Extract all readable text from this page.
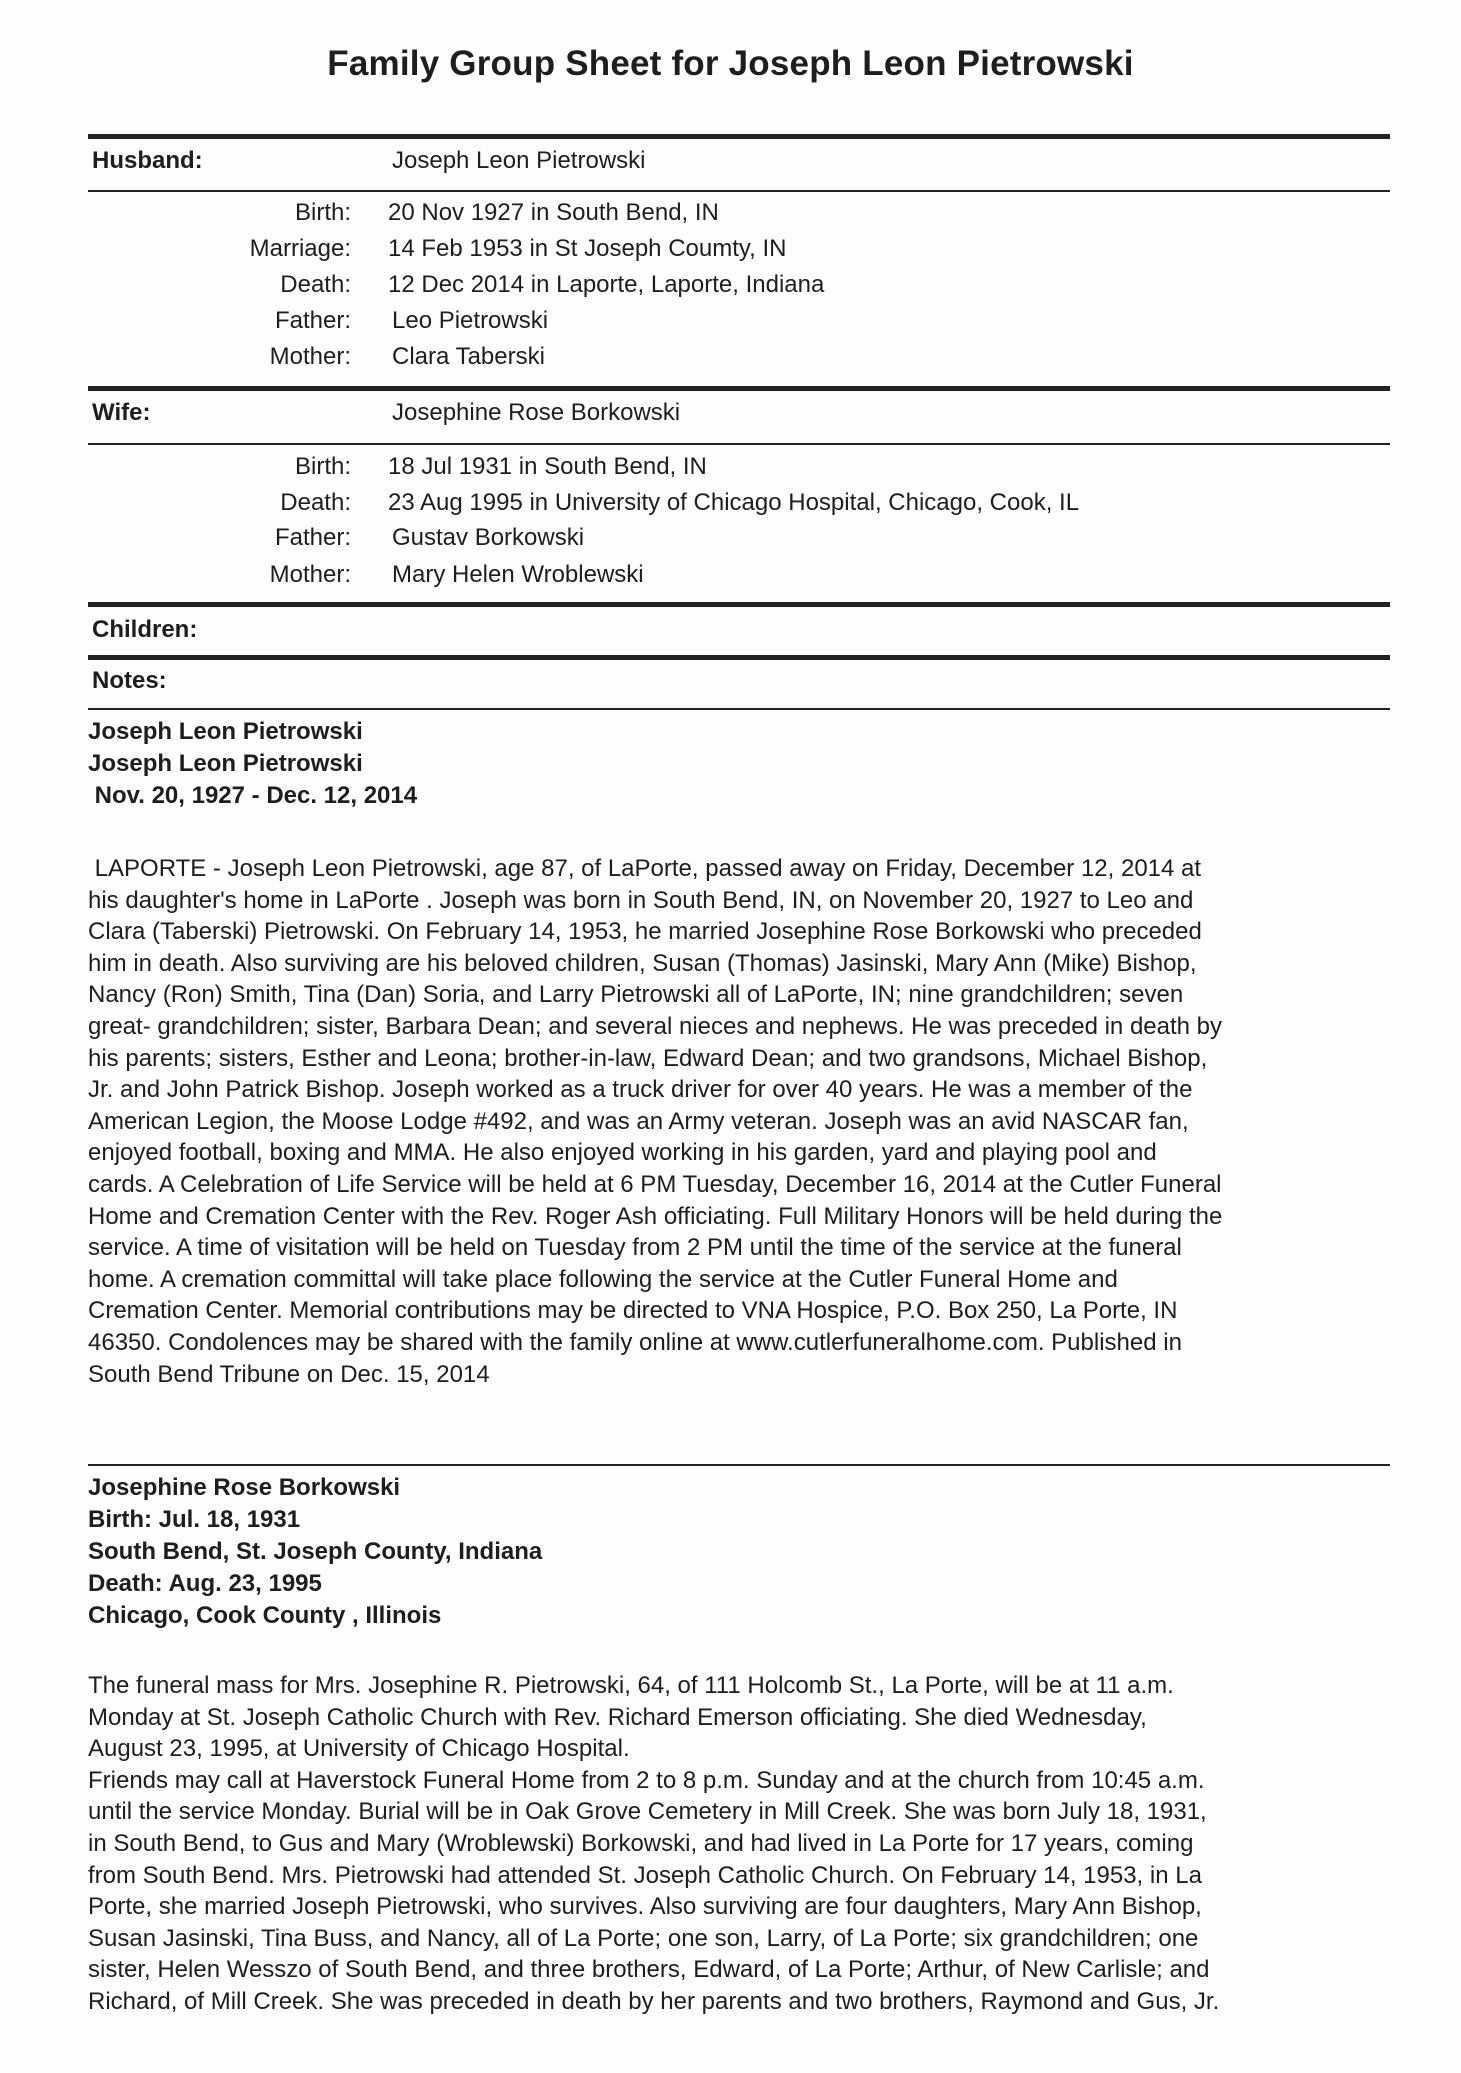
Family Group Sheet for Joseph Leon Pietrowski
Husband:	Joseph Leon Pietrowski
Birth: 20 Nov 1927 in South Bend, IN
Marriage: 14 Feb 1953 in St Joseph Coumty, IN
Death: 12 Dec 2014 in Laporte, Laporte, Indiana
Father: Leo Pietrowski
Mother: Clara Taberski
Wife:	Josephine Rose Borkowski
Birth: 18 Jul 1931 in South Bend, IN
Death: 23 Aug 1995 in University of Chicago Hospital, Chicago, Cook, IL
Father: Gustav Borkowski
Mother: Mary Helen Wroblewski
Children:
Notes:
Joseph Leon Pietrowski
Joseph Leon Pietrowski
Nov. 20, 1927 - Dec. 12, 2014
LAPORTE - Joseph Leon Pietrowski, age 87, of LaPorte, passed away on Friday, December 12, 2014 at
his daughter's home in LaPorte . Joseph was born in South Bend, IN, on November 20, 1927 to Leo and
Clara (Taberski) Pietrowski. On February 14, 1953, he married Josephine Rose Borkowski who preceded
him in death. Also surviving are his beloved children, Susan (Thomas) Jasinski, Mary Ann (Mike) Bishop,
Nancy (Ron) Smith, Tina (Dan) Soria, and Larry Pietrowski all of LaPorte, IN; nine grandchildren; seven
great- grandchildren; sister, Barbara Dean; and several nieces and nephews. He was preceded in death by
his parents; sisters, Esther and Leona; brother-in-law, Edward Dean; and two grandsons, Michael Bishop,
Jr. and John Patrick Bishop. Joseph worked as a truck driver for over 40 years. He was a member of the
American Legion, the Moose Lodge #492, and was an Army veteran. Joseph was an avid NASCAR fan,
enjoyed football, boxing and MMA. He also enjoyed working in his garden, yard and playing pool and
cards. A Celebration of Life Service will be held at 6 PM Tuesday, December 16, 2014 at the Cutler Funeral
Home and Cremation Center with the Rev. Roger Ash officiating. Full Military Honors will be held during the
service. A time of visitation will be held on Tuesday from 2 PM until the time of the service at the funeral
home. A cremation committal will take place following the service at the Cutler Funeral Home and
Cremation Center. Memorial contributions may be directed to VNA Hospice, P.O. Box 250, La Porte, IN
46350. Condolences may be shared with the family online at www.cutlerfuneralhome.com. Published in
South Bend Tribune on Dec. 15, 2014
Josephine Rose Borkowski
Birth: Jul. 18, 1931
South Bend, St. Joseph County, Indiana
Death: Aug. 23, 1995
Chicago, Cook County , Illinois
The funeral mass for Mrs. Josephine R. Pietrowski, 64, of 111 Holcomb St., La Porte, will be at 11 a.m.
Monday at St. Joseph Catholic Church with Rev. Richard Emerson officiating. She died Wednesday,
August 23, 1995, at University of Chicago Hospital.
Friends may call at Haverstock Funeral Home from 2 to 8 p.m. Sunday and at the church from 10:45 a.m.
until the service Monday. Burial will be in Oak Grove Cemetery in Mill Creek. She was born July 18, 1931,
in South Bend, to Gus and Mary (Wroblewski) Borkowski, and had lived in La Porte for 17 years, coming
from South Bend. Mrs. Pietrowski had attended St. Joseph Catholic Church. On February 14, 1953, in La
Porte, she married Joseph Pietrowski, who survives. Also surviving are four daughters, Mary Ann Bishop,
Susan Jasinski, Tina Buss, and Nancy, all of La Porte; one son, Larry, of La Porte; six grandchildren; one
sister, Helen Wesszo of South Bend, and three brothers, Edward, of La Porte; Arthur, of New Carlisle; and
Richard, of Mill Creek. She was preceded in death by her parents and two brothers, Raymond and Gus, Jr.
